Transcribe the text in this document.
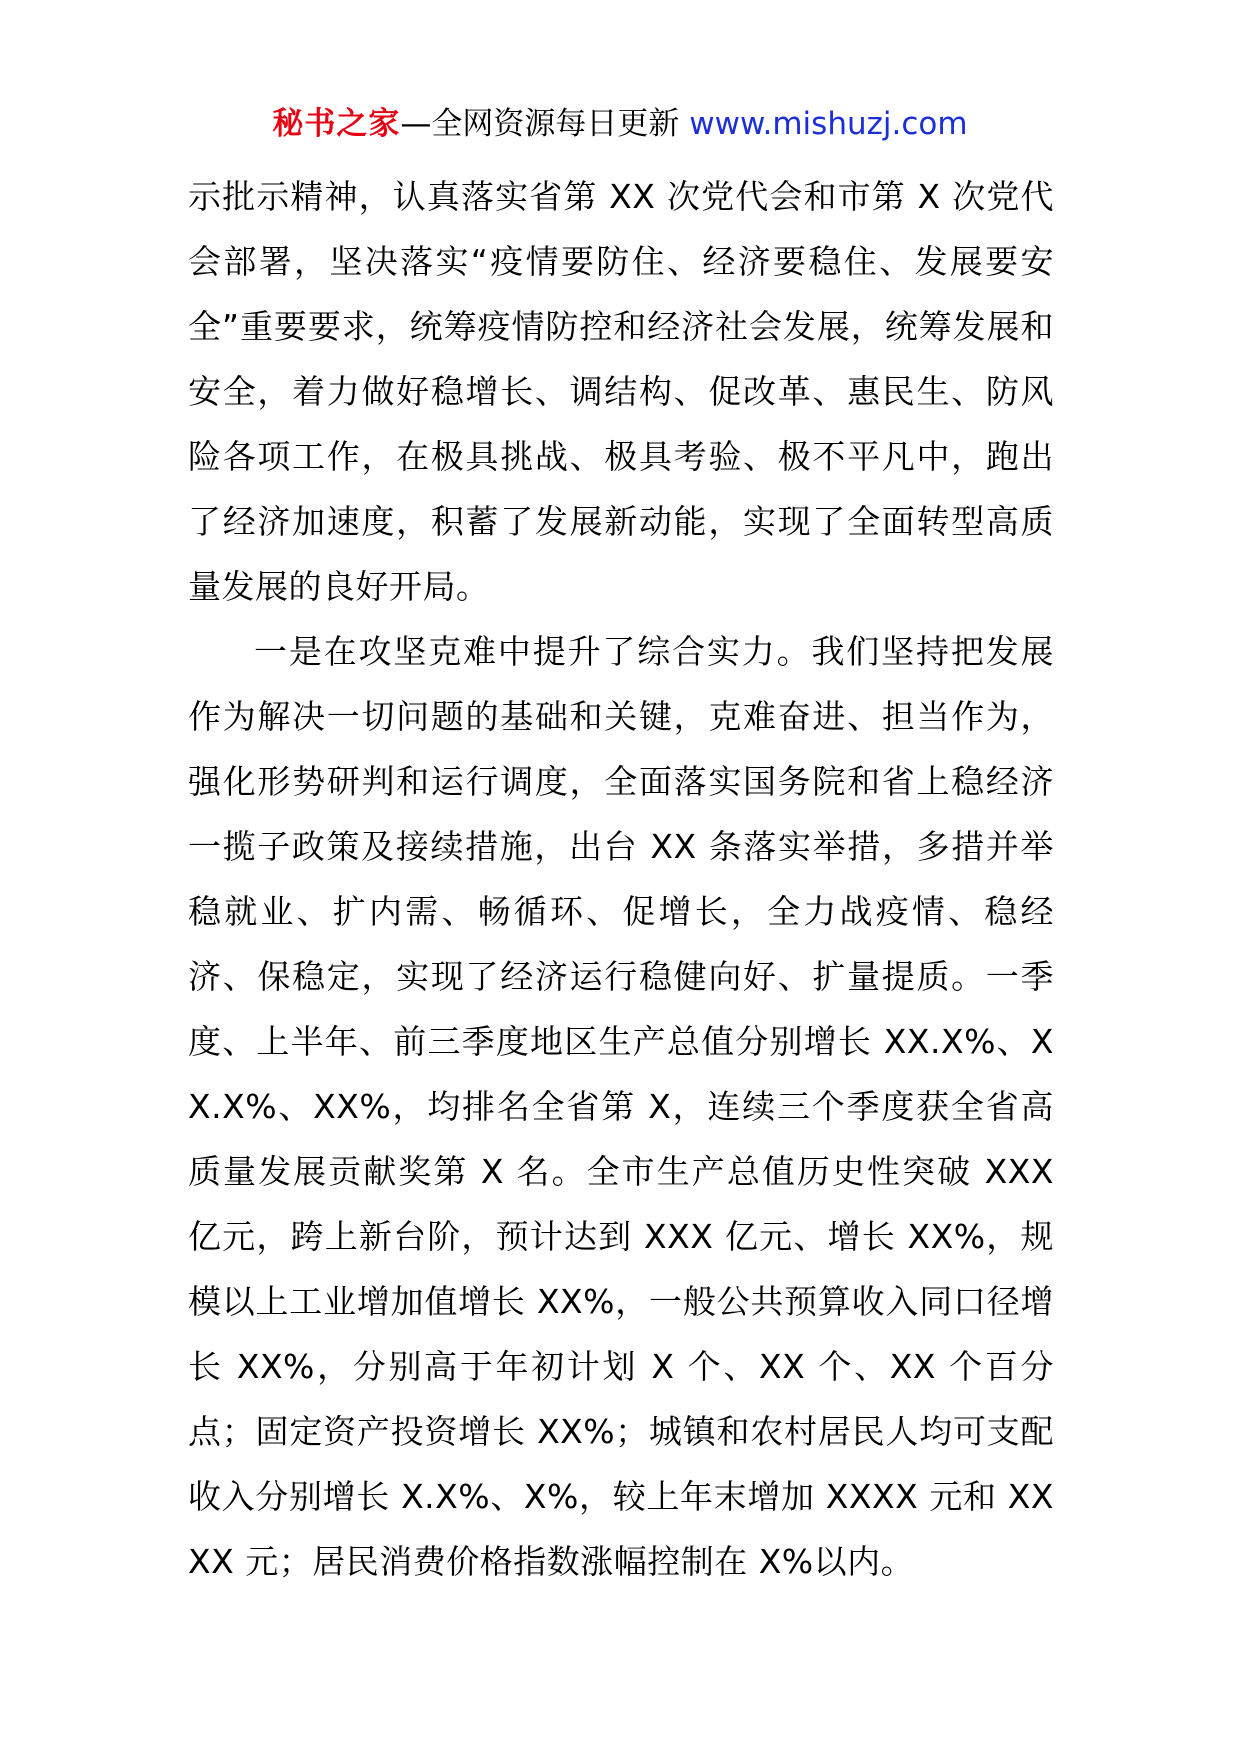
秘书之家—全网资源每日更新 www.mishuzj.com

示批示精神，认真落实省第 XX 次党代会和市第 X 次党代会部署，坚决落实“疫情要防住、经济要稳住、发展要安全”重要要求，统筹疫情防控和经济社会发展，统筹发展和安全，着力做好稳增长、调结构、促改革、惠民生、防风险各项工作，在极具挑战、极具考验、极不平凡中，跑出了经济加速度，积蓄了发展新动能，实现了全面转型高质量发展的良好开局。

一是在攻坚克难中提升了综合实力。我们坚持把发展作为解决一切问题的基础和关键，克难奋进、担当作为，强化形势研判和运行调度，全面落实国务院和省上稳经济一揽子政策及接续措施，出台 XX 条落实举措，多措并举稳就业、扩内需、畅循环、促增长，全力战疫情、稳经济、保稳定，实现了经济运行稳健向好、扩量提质。一季度、上半年、前三季度地区生产总值分别增长 XX.X%、XX.X%、XX%，均排名全省第 X，连续三个季度获全省高质量发展贡献奖第 X 名。全市生产总值历史性突破 XXX 亿元，跨上新台阶，预计达到 XXX 亿元、增长 XX%，规模以上工业增加值增长 XX%，一般公共预算收入同口径增长 XX%，分别高于年初计划 X 个、XX 个、XX 个百分点；固定资产投资增长 XX%；城镇和农村居民人均可支配收入分别增长 X.X%、X%，较上年末增加 XXXX 元和 XXXX 元；居民消费价格指数涨幅控制在 X%以内。
